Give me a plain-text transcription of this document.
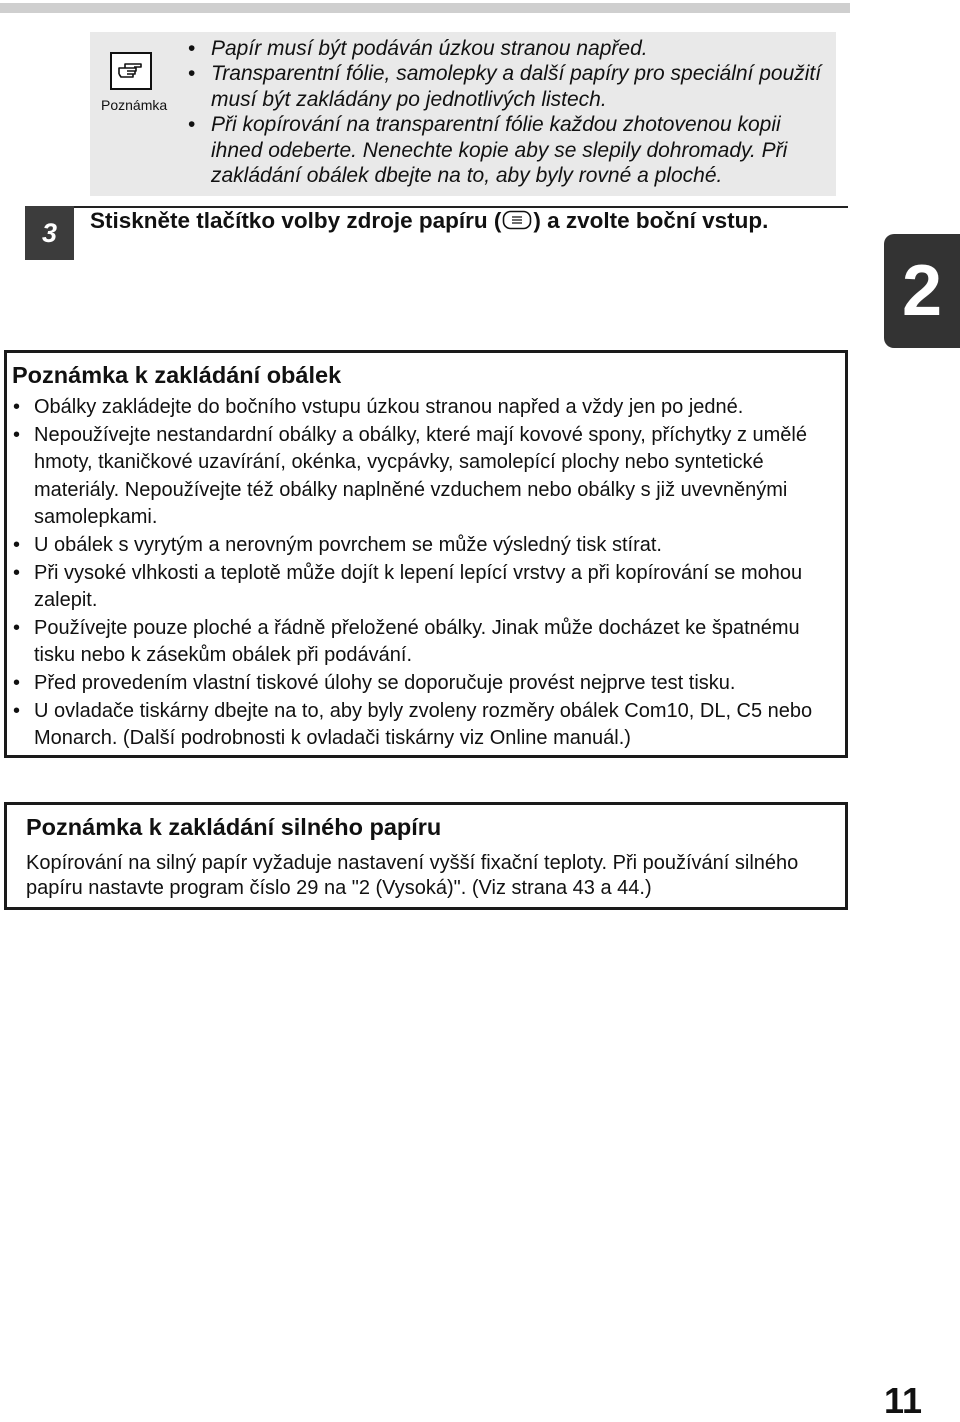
Poznámka
• Papír musí být podáván úzkou stranou napřed.
• Transparentní fólie, samolepky a další papíry pro speciální použití musí být zakládány po jednotlivých listech.
• Při kopírování na transparentní fólie každou zhotovenou kopii ihned odeberte. Nenechte kopie aby se slepily dohromady. Při zakládání obálek dbejte na to, aby byly rovné a ploché.
3	Stiskněte tlačítko volby zdroje papíru ( ) a zvolte boční vstup.
2
Poznámka k zakládání obálek
• Obálky zakládejte do bočního vstupu úzkou stranou napřed a vždy jen po jedné.
• Nepoužívejte nestandardní obálky a obálky, které mají kovové spony, příchytky z umělé hmoty, tkaničkové uzavírání, okénka, vycpávky, samolepící plochy nebo syntetické materiály. Nepoužívejte též obálky naplněné vzduchem nebo obálky s již uvevněnými samolepkami.
• U obálek s vyrytým a nerovným povrchem se může výsledný tisk stírat.
• Při vysoké vlhkosti a teplotě může dojít k lepení lepící vrstvy a při kopírování se mohou zalepit.
• Používejte pouze ploché a řádně přeložené obálky. Jinak může docházet ke špatnému tisku nebo k zásekům obálek při podávání.
• Před provedením vlastní tiskové úlohy se doporučuje provést nejprve test tisku.
• U ovladače tiskárny dbejte na to, aby byly zvoleny rozměry obálek Com10, DL, C5 nebo Monarch. (Další podrobnosti k ovladači tiskárny viz Online manuál.)
Poznámka k zakládání silného papíru

Kopírování na silný papír vyžaduje nastavení vyšší fixační teploty. Při používání silného papíru nastavte program číslo 29 na "2 (Vysoká)". (Viz strana 43 a 44.)

11
